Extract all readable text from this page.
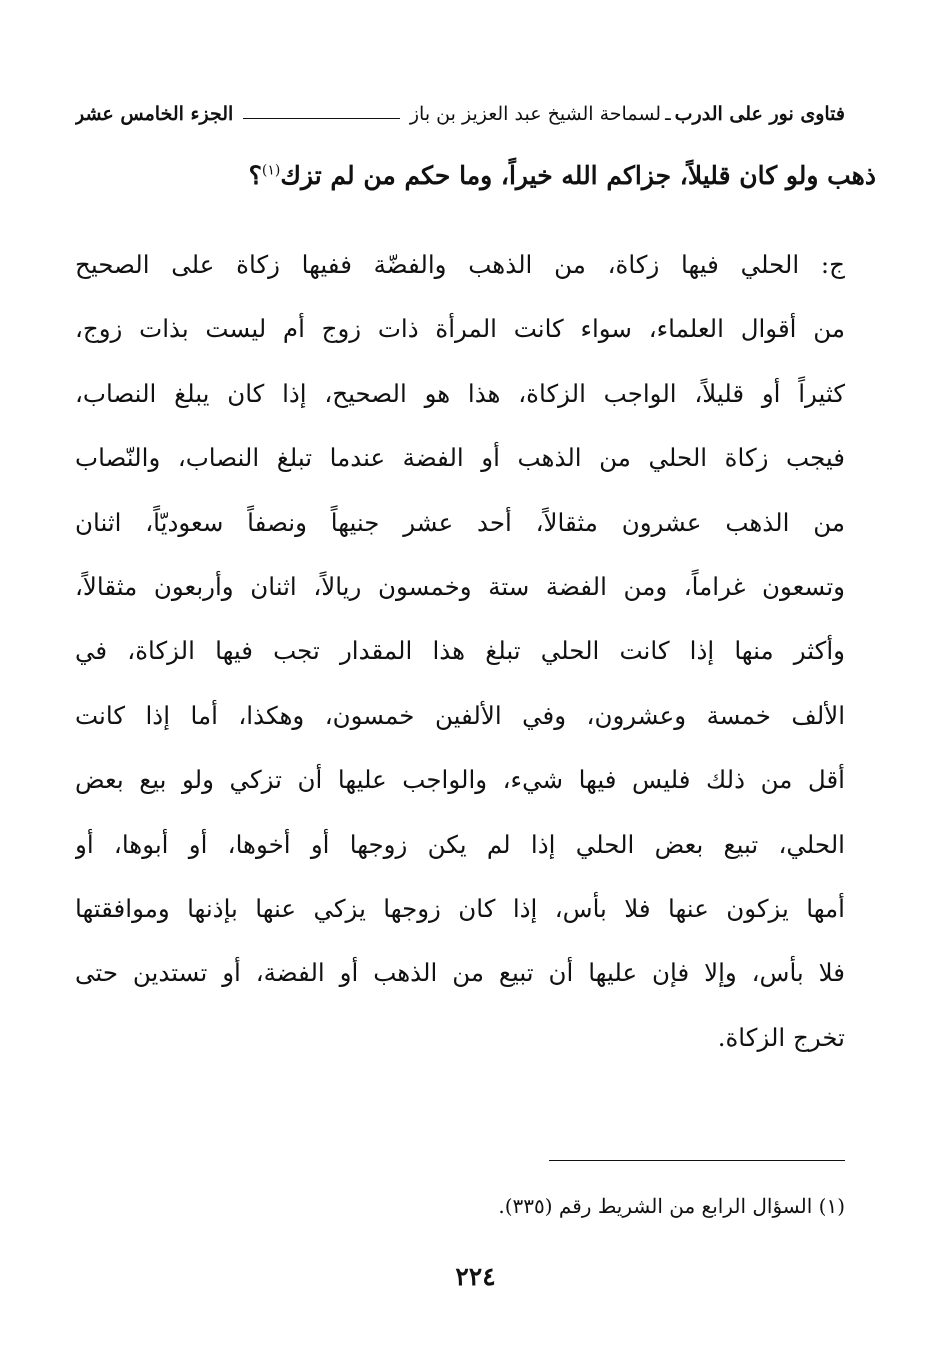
فتاوى نور على الدرب
ـ
لسماحة الشيخ عبد العزيز بن باز
الجزء الخامس عشر
ذهب ولو كان قليلاً، جزاكم الله خيراً، وما حكم من لم تزك$^{(١)}$؟
ج: الحلي فيها زكاة، من الذهب والفضّة ففيها زكاة على الصحيح
من أقوال العلماء، سواء كانت المرأة ذات زوج أم ليست بذات زوج،
كثيراً أو قليلاً، الواجب الزكاة، هذا هو الصحيح، إذا كان يبلغ النصاب،
فيجب زكاة الحلي من الذهب أو الفضة عندما تبلغ النصاب، والنّصاب
من الذهب عشرون مثقالاً، أحد عشر جنيهاً ونصفاً سعوديّاً، اثنان
وتسعون غراماً، ومن الفضة ستة وخمسون ريالاً، اثنان وأربعون مثقالاً،
وأكثر منها إذا كانت الحلي تبلغ هذا المقدار تجب فيها الزكاة، في
الألف خمسة وعشرون، وفي الألفين خمسون، وهكذا، أما إذا كانت
أقل من ذلك فليس فيها شيء، والواجب عليها أن تزكي ولو بيع بعض
الحلي، تبيع بعض الحلي إذا لم يكن زوجها أو أخوها، أو أبوها، أو
أمها يزكون عنها فلا بأس، إذا كان زوجها يزكي عنها بإذنها وموافقتها
فلا بأس، وإلا فإن عليها أن تبيع من الذهب أو الفضة، أو تستدين حتى
تخرج الزكاة.
(١) السؤال الرابع من الشريط رقم (٣٣٥).
٢٢٤
